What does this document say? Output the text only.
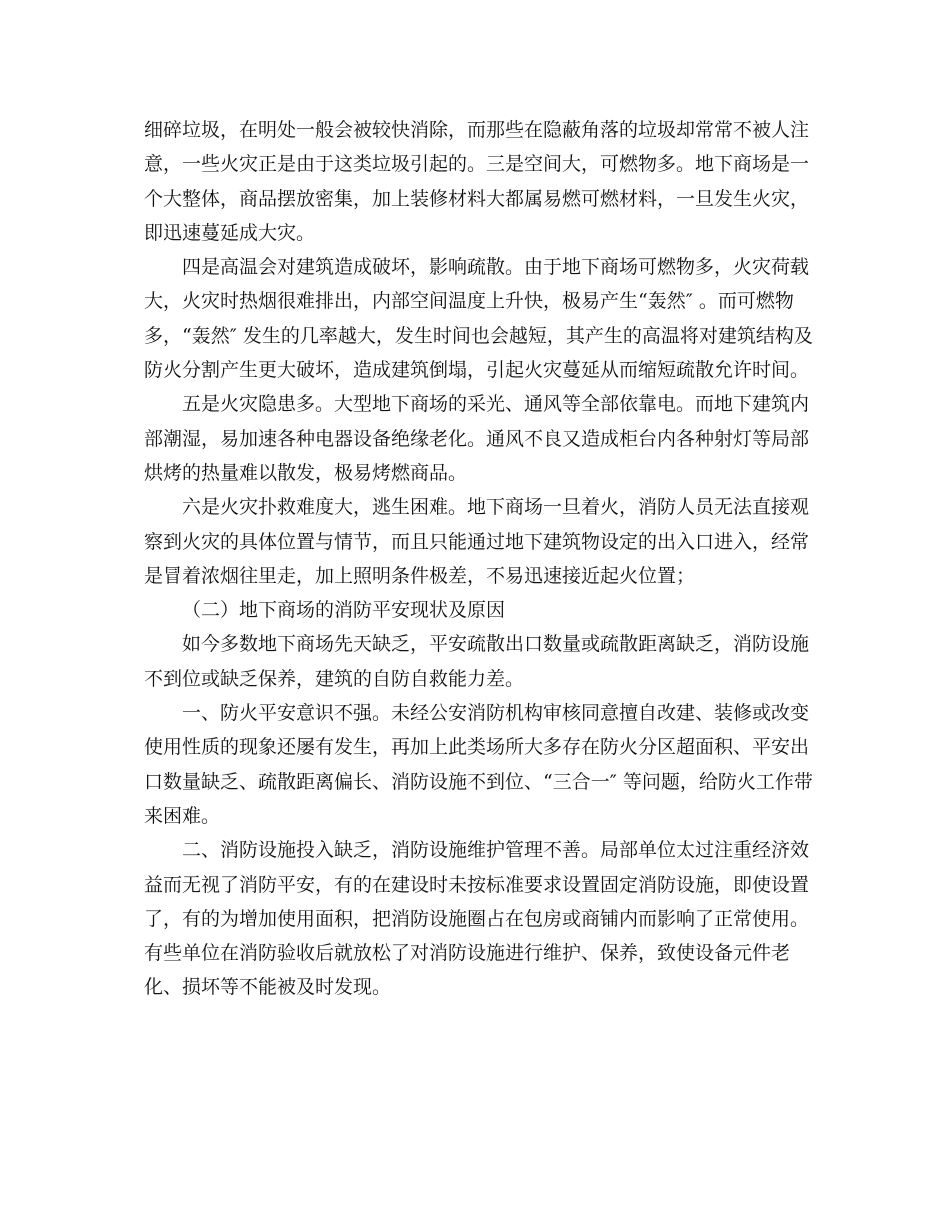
细碎垃圾，在明处一般会被较快消除，而那些在隐蔽角落的垃圾却常常不被人注
意，一些火灾正是由于这类垃圾引起的。三是空间大，可燃物多。地下商场是一
个大整体，商品摆放密集，加上装修材料大都属易燃可燃材料，一旦发生火灾，
即迅速蔓延成大灾。
四是高温会对建筑造成破坏，影响疏散。由于地下商场可燃物多，火灾荷载
大，火灾时热烟很难排出，内部空间温度上升快，极易产生“轰然″ 。而可燃物
多，“轰然″ 发生的几率越大，发生时间也会越短，其产生的高温将对建筑结构及
防火分割产生更大破坏，造成建筑倒塌，引起火灾蔓延从而缩短疏散允许时间。
五是火灾隐患多。大型地下商场的采光、通风等全部依靠电。而地下建筑内
部潮湿，易加速各种电器设备绝缘老化。通风不良又造成柜台内各种射灯等局部
烘烤的热量难以散发，极易烤燃商品。
六是火灾扑救难度大，逃生困难。地下商场一旦着火，消防人员无法直接观
察到火灾的具体位置与情节，而且只能通过地下建筑物设定的出入口进入，经常
是冒着浓烟往里走，加上照明条件极差，不易迅速接近起火位置；
（二）地下商场的消防平安现状及原因
如今多数地下商场先天缺乏，平安疏散出口数量或疏散距离缺乏，消防设施
不到位或缺乏保养，建筑的自防自救能力差。
一、防火平安意识不强。未经公安消防机构审核同意擅自改建、装修或改变
使用性质的现象还屡有发生，再加上此类场所大多存在防火分区超面积、平安出
口数量缺乏、疏散距离偏长、消防设施不到位、“三合一″ 等问题，给防火工作带
来困难。
二、消防设施投入缺乏，消防设施维护管理不善。局部单位太过注重经济效
益而无视了消防平安，有的在建设时未按标准要求设置固定消防设施，即使设置
了，有的为增加使用面积，把消防设施圈占在包房或商铺内而影响了正常使用。
有些单位在消防验收后就放松了对消防设施进行维护、保养，致使设备元件老
化、损坏等不能被及时发现。
